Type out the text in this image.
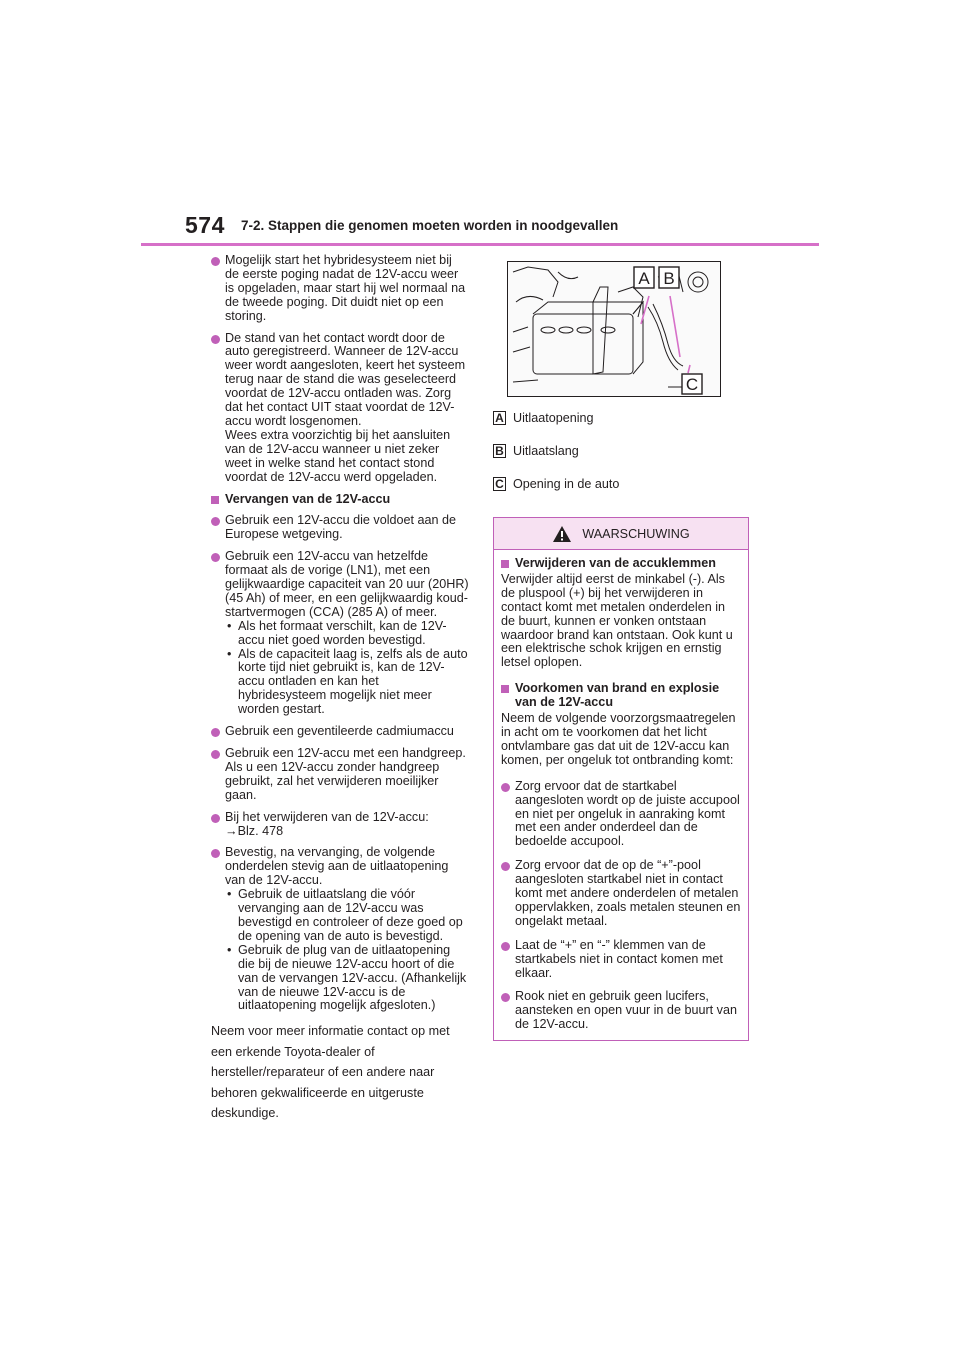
574 7-2. Stappen die genomen moeten worden in noodgevallen
Mogelijk start het hybridesysteem niet bij de eerste poging nadat de 12V-accu weer is opgeladen, maar start hij wel normaal na de tweede poging. Dit duidt niet op een storing.
De stand van het contact wordt door de auto geregistreerd. Wanneer de 12V-accu weer wordt aangesloten, keert het systeem terug naar de stand die was geselecteerd voordat de 12V-accu ontladen was. Zorg dat het contact UIT staat voordat de 12V-accu wordt losgenomen.
Wees extra voorzichtig bij het aansluiten van de 12V-accu wanneer u niet zeker weet in welke stand het contact stond voordat de 12V-accu werd opgeladen.
Vervangen van de 12V-accu
Gebruik een 12V-accu die voldoet aan de Europese wetgeving.
Gebruik een 12V-accu van hetzelfde formaat als de vorige (LN1), met een gelijkwaardige capaciteit van 20 uur (20HR) (45 Ah) of meer, en een gelijkwaardig koud-startvermogen (CCA) (285 A) of meer.
• Als het formaat verschilt, kan de 12V-accu niet goed worden bevestigd.
• Als de capaciteit laag is, zelfs als de auto korte tijd niet gebruikt is, kan de 12V-accu ontladen en kan het hybridesysteem mogelijk niet meer worden gestart.
Gebruik een geventileerde cadmiumaccu
Gebruik een 12V-accu met een handgreep. Als u een 12V-accu zonder handgreep gebruikt, zal het verwijderen moeilijker gaan.
Bij het verwijderen van de 12V-accu:
→Blz. 478
Bevestig, na vervanging, de volgende onderdelen stevig aan de uitlaatopening van de 12V-accu.
• Gebruik de uitlaatslang die vóór vervanging aan de 12V-accu was bevestigd en controleer of deze goed op de opening van de auto is bevestigd.
• Gebruik de plug van de uitlaatopening die bij de nieuwe 12V-accu hoort of die van de vervangen 12V-accu. (Afhankelijk van de nieuwe 12V-accu is de uitlaatopening mogelijk afgesloten.)
Neem voor meer informatie contact op met een erkende Toyota-dealer of hersteller/reparateur of een andere naar behoren gekwalificeerde en uitgeruste deskundige.
A B
C
A Uitlaatopening
B Uitlaatslang
C Opening in de auto
WAARSCHUWING
Verwijderen van de accuklemmen

Verwijder altijd eerst de minkabel (-). Als de pluspool (+) bij het verwijderen in contact komt met metalen onderdelen in de buurt, kunnen er vonken ontstaan waardoor brand kan ontstaan. Ook kunt u een elektrische schok krijgen en ernstig letsel oplopen.

Voorkomen van brand en explosie van de 12V-accu

Neem de volgende voorzorgsmaatregelen in acht om te voorkomen dat het licht ontvlambare gas dat uit de 12V-accu kan komen, per ongeluk tot ontbranding komt:

Zorg ervoor dat de startkabel aangesloten wordt op de juiste accupool en niet per ongeluk in aanraking komt met een ander onderdeel dan de bedoelde accupool.
Zorg ervoor dat de op de “+”-pool aangesloten startkabel niet in contact komt met andere onderdelen of metalen oppervlakken, zoals metalen steunen en ongelakt metaal.
Laat de “+” en “-” klemmen van de startkabels niet in contact komen met elkaar.
Rook niet en gebruik geen lucifers, aansteken en open vuur in de buurt van de 12V-accu.
